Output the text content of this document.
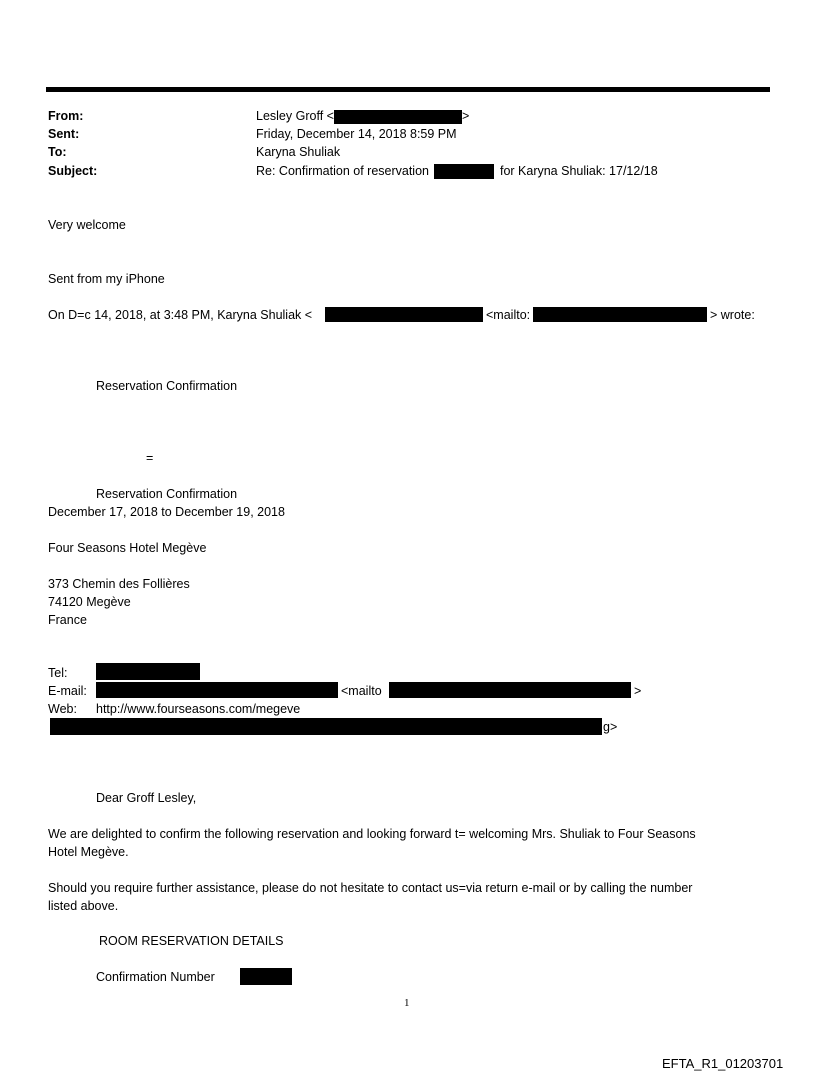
From:	Lesley Groff <	>
Sent:	Friday, December 14, 2018 8:59 PM
To:	Karyna Shuliak
Subject:	Re: Confirmation of reservation	for Karyna Shuliak: 17/12/18
Very welcome
Sent from my iPhone
On D=c 14, 2018, at 3:48 PM, Karyna Shuliak <	<mailto:	> wrote:
Reservation Confirmation
=
Reservation Confirmation
December 17, 2018 to December 19, 2018
Four Seasons Hotel Megève
373 Chemin des Follières
74120 Megève
France
Tel:
E-mail:	<mailto	>
Web: http://www.fourseasons.com/megeve
g>
Dear Groff Lesley,
We are delighted to confirm the following reservation and looking forward t= welcoming Mrs. Shuliak to Four Seasons
Hotel Megève.
Should you require further assistance, please do not hesitate to contact us=via return e-mail or by calling the number
listed above.
ROOM RESERVATION DETAILS
Confirmation Number
1
EFTA_R1_01203701
